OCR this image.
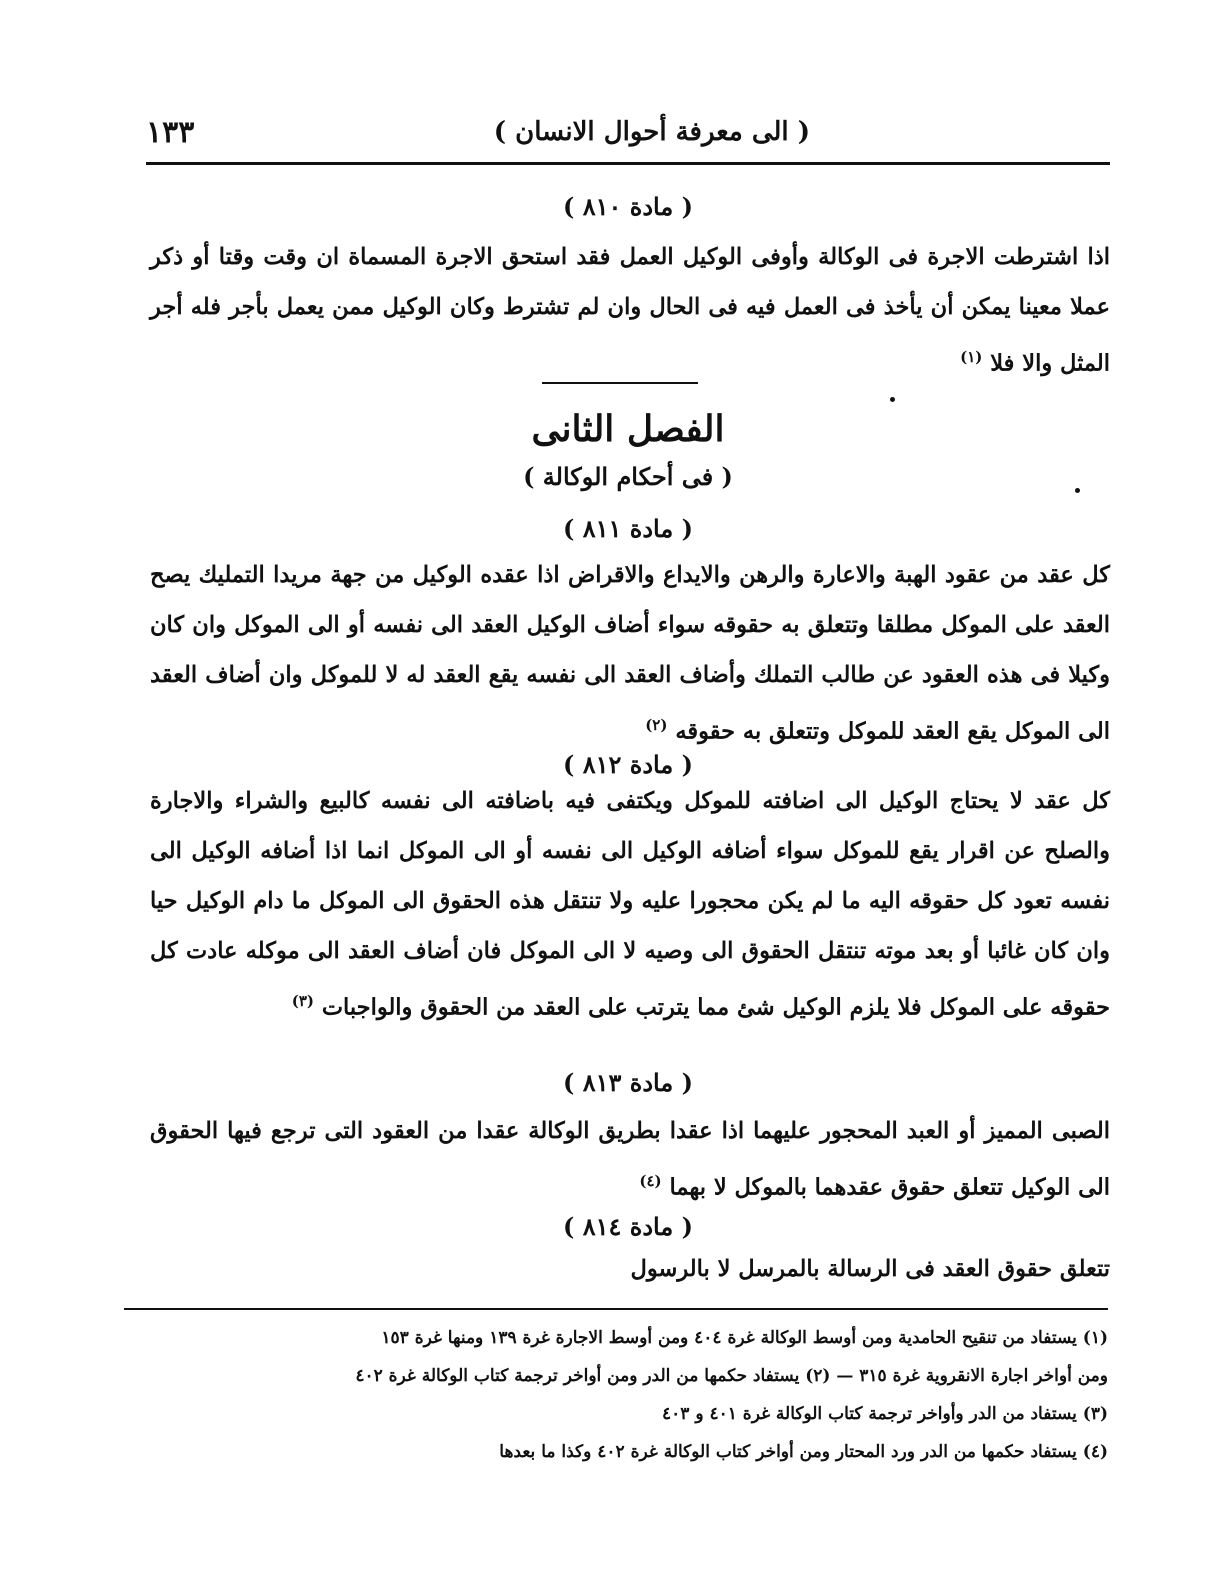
( الى معرفة أحوال الانسان )
١٣٣
( مادة ٨١٠ )
اذا اشترطت الاجرة فى الوكالة وأوفى الوكيل العمل فقد استحق الاجرة المسماة ان وقت وقتا أو ذكر عملا معينا يمكن أن يأخذ فى العمل فيه فى الحال وان لم تشترط وكان الوكيل ممن يعمل بأجر فله أجر المثل والا فلا $^{(١)}$
الفصل الثانى
( فى أحكام الوكالة )
( مادة ٨١١ )
كل عقد من عقود الهبة والاعارة والرهن والايداع والاقراض اذا عقده الوكيل من جهة مريدا التمليك يصح العقد على الموكل مطلقا وتتعلق به حقوقه سواء أضاف الوكيل العقد الى نفسه أو الى الموكل وان كان وكيلا فى هذه العقود عن طالب التملك وأضاف العقد الى نفسه يقع العقد له لا للموكل وان أضاف العقد الى الموكل يقع العقد للموكل وتتعلق به حقوقه $^{(٢)}$
( مادة ٨١٢ )
كل عقد لا يحتاج الوكيل الى اضافته للموكل ويكتفى فيه باضافته الى نفسه كالبيع والشراء والاجارة والصلح عن اقرار يقع للموكل سواء أضافه الوكيل الى نفسه أو الى الموكل انما اذا أضافه الوكيل الى نفسه تعود كل حقوقه اليه ما لم يكن محجورا عليه ولا تنتقل هذه الحقوق الى الموكل ما دام الوكيل حيا وان كان غائبا أو بعد موته تنتقل الحقوق الى وصيه لا الى الموكل فان أضاف العقد الى موكله عادت كل حقوقه على الموكل فلا يلزم الوكيل شئ مما يترتب على العقد من الحقوق والواجبات $^{(٣)}$
( مادة ٨١٣ )
الصبى المميز أو العبد المحجور عليهما اذا عقدا بطريق الوكالة عقدا من العقود التى ترجع فيها الحقوق الى الوكيل تتعلق حقوق عقدهما بالموكل لا بهما $^{(٤)}$
( مادة ٨١٤ )
تتعلق حقوق العقد فى الرسالة بالمرسل لا بالرسول
(١) يستفاد من تنقيح الحامدية ومن أوسط الوكالة غرة ٤٠٤ ومن أوسط الاجارة غرة ١٣٩ ومنها غرة ١٥٣
ومن أواخر اجارة الانقروية غرة ٣١٥ — (٢) يستفاد حكمها من الدر ومن أواخر ترجمة كتاب الوكالة غرة ٤٠٢
(٣) يستفاد من الدر وأواخر ترجمة كتاب الوكالة غرة ٤٠١ و ٤٠٣
(٤) يستفاد حكمها من الدر ورد المحتار ومن أواخر كتاب الوكالة غرة ٤٠٢ وكذا ما بعدها
